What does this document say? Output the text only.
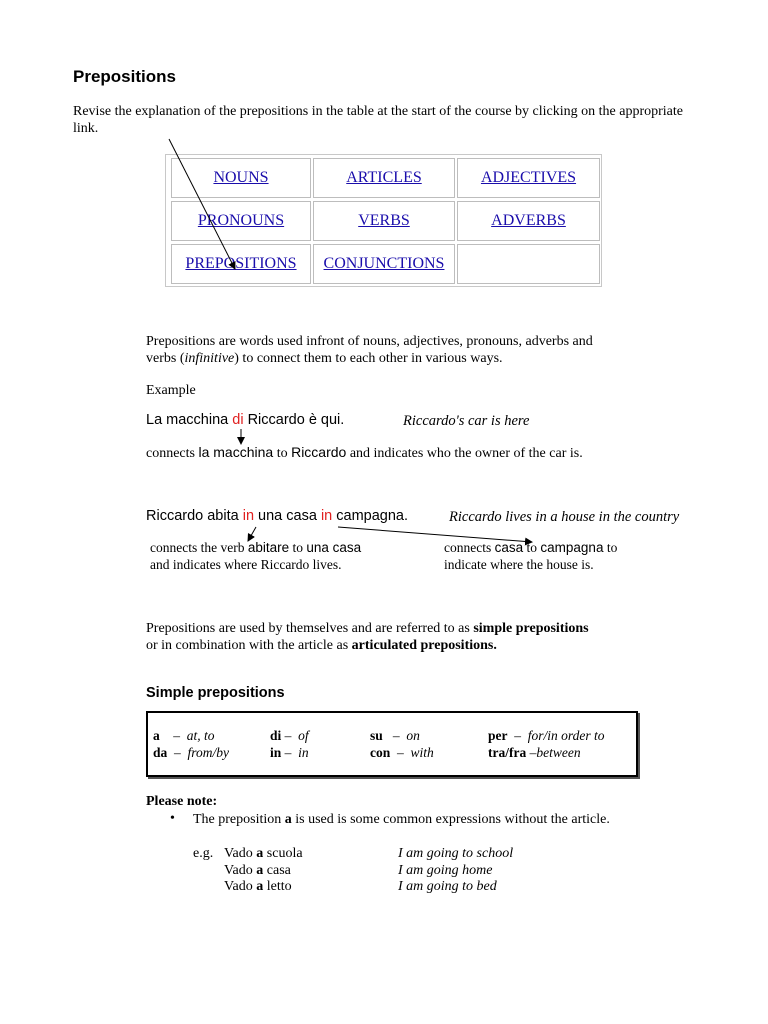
Prepositions
Revise the explanation of the prepositions in the table at the start of the course by clicking on the appropriate link.
NOUNS	ARTICLES	ADJECTIVES
PRONOUNS	VERBS	ADVERBS
PREPOSITIONS CONJUNCTIONS
Prepositions are words used infront of nouns, adjectives, pronouns, adverbs and
verbs (infinitive) to connect them to each other in various ways.
Example
La macchina di Riccardo è qui.	Riccardo's car is here
connects la macchina to Riccardo and indicates who the owner of the car is.
Riccardo abita in una casa in campagna.	Riccardo lives in a house in the country
connects the verb abitare to una casa
and indicates where Riccardo lives.
connects casa to campagna to
indicate where the house is.
Prepositions are used by themselves and are referred to as simple prepositions
or in combination with the article as articulated prepositions.
Simple prepositions
a – at, to	di – of	su – on	per – for/in order to
da – from/by	in – in	con – with	tra/fra –between
Please note:
• The preposition a is used is some common expressions without the article.
e.g. Vado a scuola	I am going to school
Vado a casa	I am going home
Vado a letto	I am going to bed
